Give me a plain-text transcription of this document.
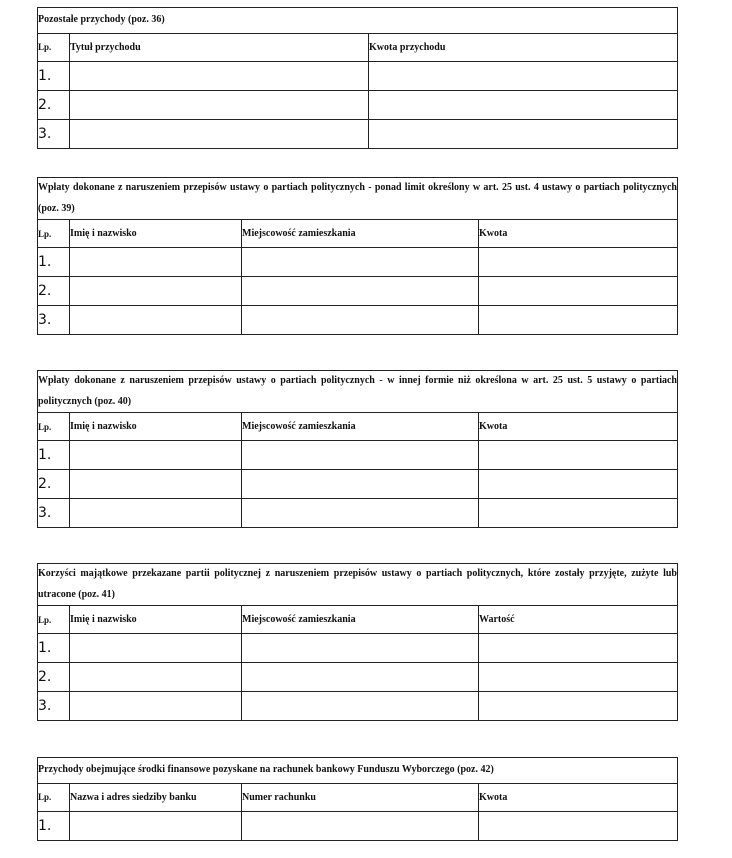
Pozostałe przychody (poz. 36)		
Lp.	Tytuł przychodu	Kwota przychodu
1.		
2.		
3.		
Wpłaty dokonane z naruszeniem przepisów ustawy o partiach politycznych - ponad limit określony w art. 25 ust. 4 ustawy o partiach politycznych (poz. 39)			
Lp.	Imię i nazwisko	Miejscowość zamieszkania	Kwota
1.			
2.			
3.			
Wpłaty dokonane z naruszeniem przepisów ustawy o partiach politycznych - w innej formie niż określona w art. 25 ust. 5 ustawy o partiach politycznych (poz. 40)			
Lp.	Imię i nazwisko	Miejscowość zamieszkania	Kwota
1.			
2.			
3.			
Korzyści majątkowe przekazane partii politycznej z naruszeniem przepisów ustawy o partiach politycznych, które zostały przyjęte, zużyte lub utracone (poz. 41)			
Lp.	Imię i nazwisko	Miejscowość zamieszkania	Wartość
1.			
2.			
3.			
Przychody obejmujące środki finansowe pozyskane na rachunek bankowy Funduszu Wyborczego (poz. 42)			
Lp.	Nazwa i adres siedziby banku	Numer rachunku	Kwota
1.			
